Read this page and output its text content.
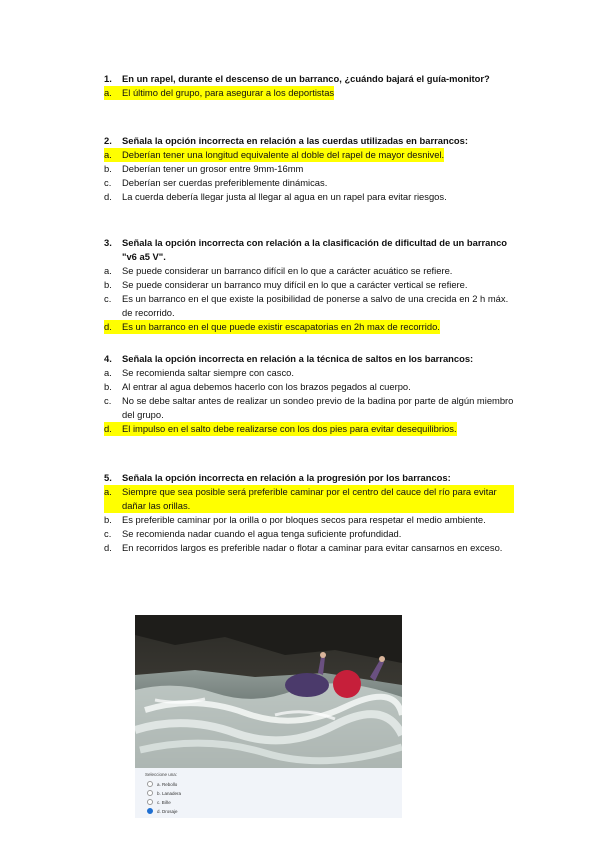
1.	En un rapel, durante el descenso de un barranco, ¿cuándo bajará el guía-monitor?
a.	El último del grupo, para asegurar a los deportistas
2.	Señala la opción incorrecta en relación a las cuerdas utilizadas en barrancos:
a.	Deberían tener una longitud equivalente al doble del rapel de mayor desnivel.
b.	Deberían tener un grosor entre 9mm-16mm
c.	Deberían ser cuerdas preferiblemente dinámicas.
d.	La cuerda debería llegar justa al llegar al agua en un rapel para evitar riesgos.
3.	Señala la opción incorrecta con relación a la clasificación de dificultad de un barranco "v6 a5 V".
a.	Se puede considerar un barranco difícil en lo que a carácter acuático se refiere.
b.	Se puede considerar un barranco muy difícil en lo que a carácter vertical se refiere.
c.	Es un barranco en el que existe la posibilidad de ponerse a salvo de una crecida en 2 h máx. de recorrido.
d.	Es un barranco en el que puede existir escapatorias en 2h max de recorrido.
4.	Señala la opción incorrecta en relación a la técnica de saltos en los barrancos:
a.	Se recomienda saltar siempre con casco.
b.	Al entrar al agua debemos hacerlo con los brazos pegados al cuerpo.
c.	No se debe saltar antes de realizar un sondeo previo de la badina por parte de algún miembro del grupo.
d.	El impulso en el salto debe realizarse con los dos pies para evitar desequilibrios.
5.	Señala la opción incorrecta en relación a la progresión por los barrancos:
a.	Siempre que sea posible será preferible caminar por el centro del cauce del río para evitar dañar las orillas.
b.	Es preferible caminar por la orilla o por bloques secos para respetar el medio ambiente.
c.	Se recomienda nadar cuando el agua tenga suficiente profundidad.
d.	En recorridos largos es preferible nadar o flotar a caminar para evitar cansarnos en exceso.
Seleccione una:
a. Rebollo
b. Lanadera
c. Biñe
d. Drosaje
